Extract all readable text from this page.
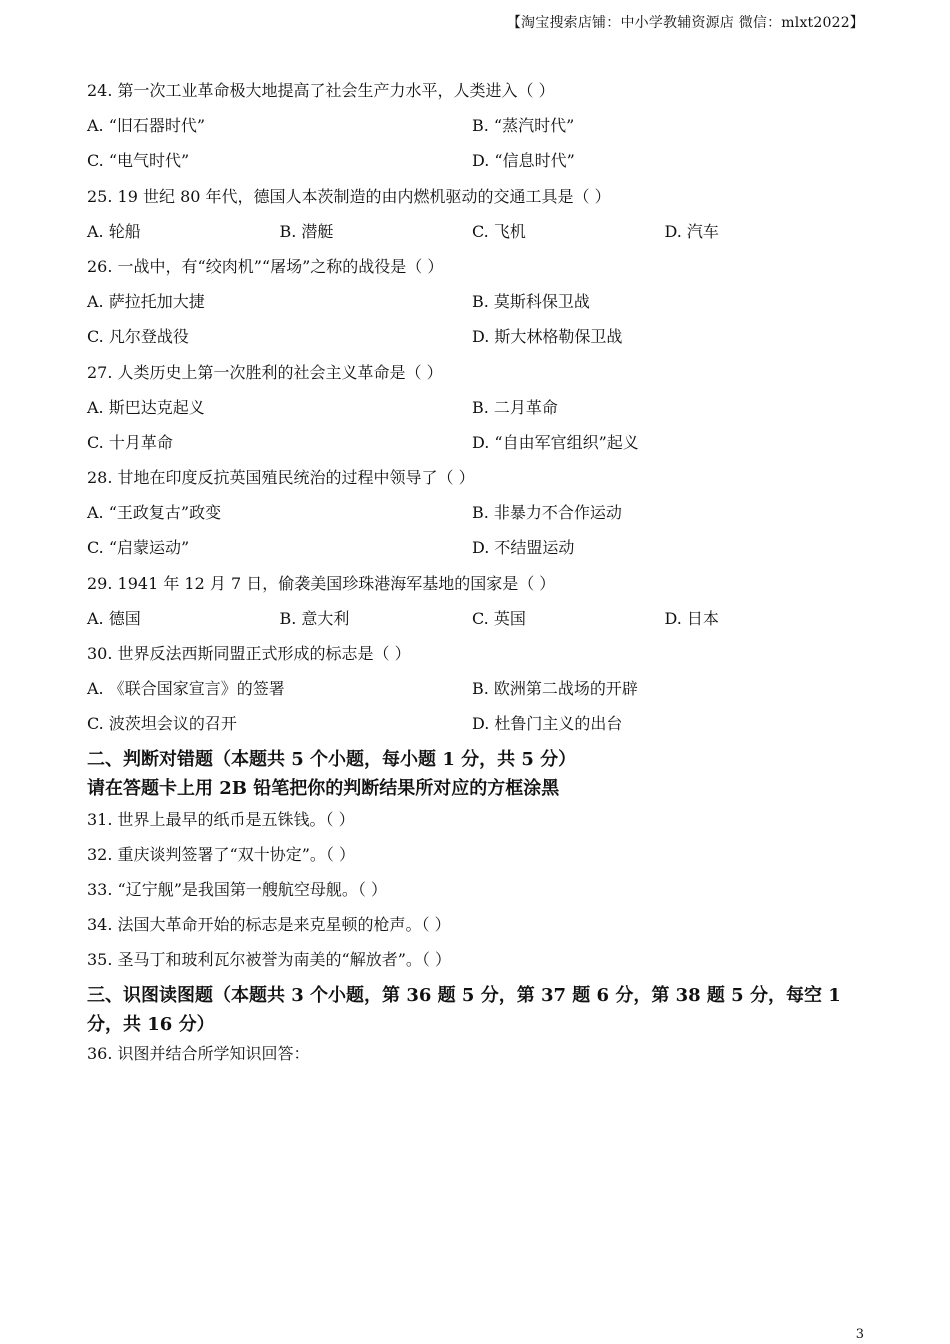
【淘宝搜索店铺：中小学教辅资源店 微信：mlxt2022】
24. 第一次工业革命极大地提高了社会生产力水平，人类进入（ ）
A. “旧石器时代”	B. “蒸汽时代”
C. “电气时代”	D. “信息时代”
25. 19 世纪 80 年代，德国人本茨制造的由内燃机驱动的交通工具是（ ）
A. 轮船	B. 潜艇	C. 飞机	D. 汽车
26. 一战中，有“绞肉机”“屠场”之称的战役是（ ）
A. 萨拉托加大捷	B. 莫斯科保卫战
C. 凡尔登战役	D. 斯大林格勒保卫战
27. 人类历史上第一次胜利的社会主义革命是（ ）
A. 斯巴达克起义	B. 二月革命
C. 十月革命	D. “自由军官组织”起义
28. 甘地在印度反抗英国殖民统治的过程中领导了（ ）
A. “王政复古”政变	B. 非暴力不合作运动
C. “启蒙运动”	D. 不结盟运动
29. 1941 年 12 月 7 日，偷袭美国珍珠港海军基地的国家是（ ）
A. 德国	B. 意大利	C. 英国	D. 日本
30. 世界反法西斯同盟正式形成的标志是（ ）
A. 《联合国家宣言》的签署	B. 欧洲第二战场的开辟
C. 波茨坦会议的召开	D. 杜鲁门主义的出台
二、判断对错题（本题共 5 个小题，每小题 1 分，共 5 分）
请在答题卡上用 2B 铅笔把你的判断结果所对应的方框涂黑
31. 世界上最早的纸币是五铢钱。（ ）
32. 重庆谈判签署了“双十协定”。（ ）
33. “辽宁舰”是我国第一艘航空母舰。（ ）
34. 法国大革命开始的标志是来克星顿的枪声。（ ）
35. 圣马丁和玻利瓦尔被誉为南美的“解放者”。（ ）
三、识图读图题（本题共 3 个小题，第 36 题 5 分，第 37 题 6 分，第 38 题 5 分，每空 1 分，共 16 分）
36. 识图并结合所学知识回答：
3
